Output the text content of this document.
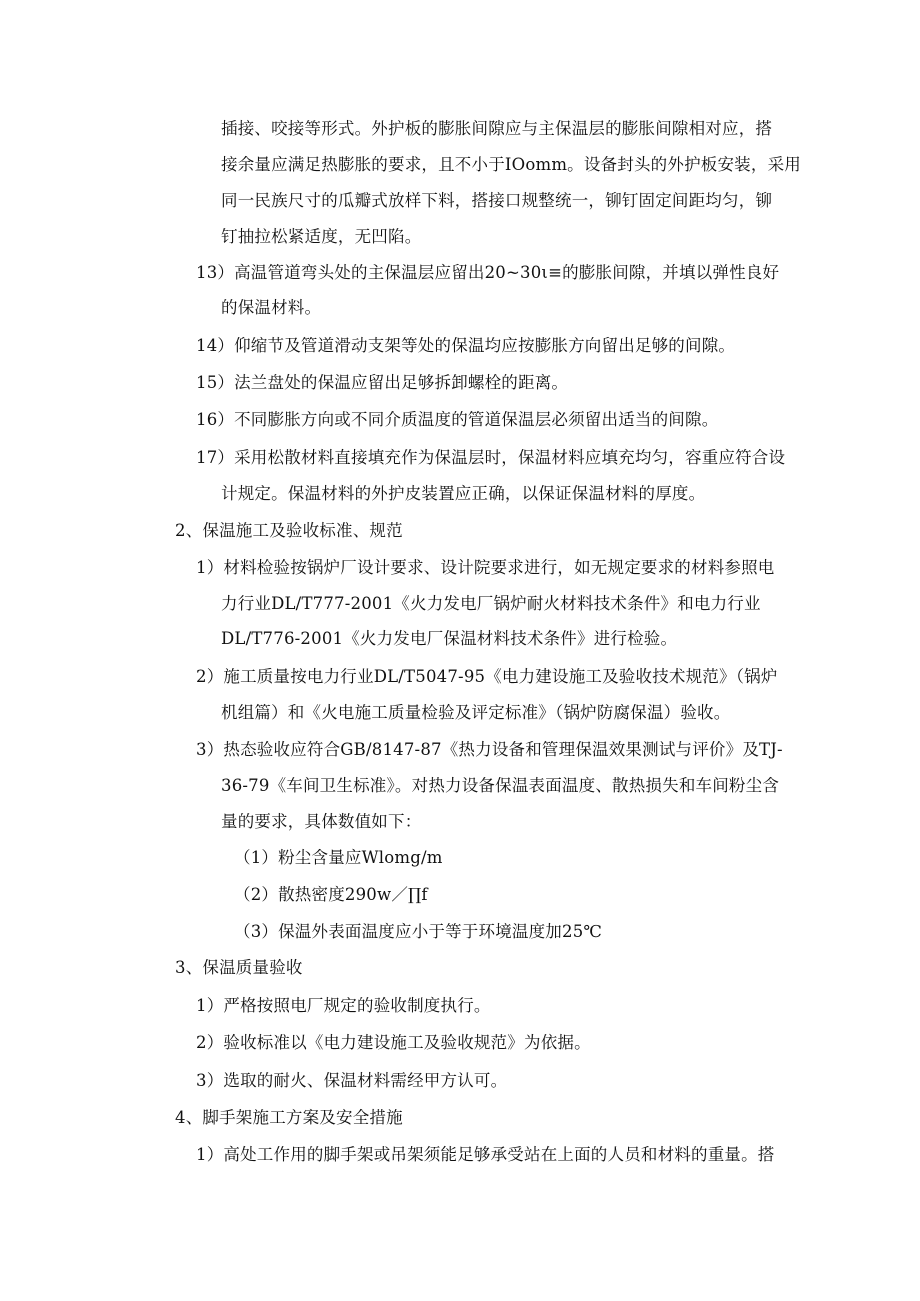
插接、咬接等形式。外护板的膨胀间隙应与主保温层的膨胀间隙相对应，搭
接余量应满足热膨胀的要求，且不小于IOomm。设备封头的外护板安装，采用
同一民族尺寸的瓜瓣式放样下料，搭接口规整统一，铆钉固定间距均匀，铆
钉抽拉松紧适度，无凹陷。
13）高温管道弯头处的主保温层应留出20~30ι≡的膨胀间隙，并填以弹性良好
的保温材料。
14）仰缩节及管道滑动支架等处的保温均应按膨胀方向留出足够的间隙。
15）法兰盘处的保温应留出足够拆卸螺栓的距离。
16）不同膨胀方向或不同介质温度的管道保温层必须留出适当的间隙。
17）采用松散材料直接填充作为保温层时，保温材料应填充均匀，容重应符合设
计规定。保温材料的外护皮装置应正确，以保证保温材料的厚度。
2、保温施工及验收标准、规范
1）材料检验按锅炉厂设计要求、设计院要求进行，如无规定要求的材料参照电
力行业DL/T777-2001《火力发电厂锅炉耐火材料技术条件》和电力行业
DL/T776-2001《火力发电厂保温材料技术条件》进行检验。
2）施工质量按电力行业DL/T5047-95《电力建设施工及验收技术规范》（锅炉
机组篇）和《火电施工质量检验及评定标准》（锅炉防腐保温）验收。
3）热态验收应符合GB/8147-87《热力设备和管理保温效果测试与评价》及TJ-
36-79《车间卫生标准》。对热力设备保温表面温度、散热损失和车间粉尘含
量的要求，具体数值如下：
（1）粉尘含量应Wlomg/m
（2）散热密度290w／∏f
（3）保温外表面温度应小于等于环境温度加25℃
3、保温质量验收
1）严格按照电厂规定的验收制度执行。
2）验收标准以《电力建设施工及验收规范》为依据。
3）选取的耐火、保温材料需经甲方认可。
4、脚手架施工方案及安全措施
1）高处工作用的脚手架或吊架须能足够承受站在上面的人员和材料的重量。搭
